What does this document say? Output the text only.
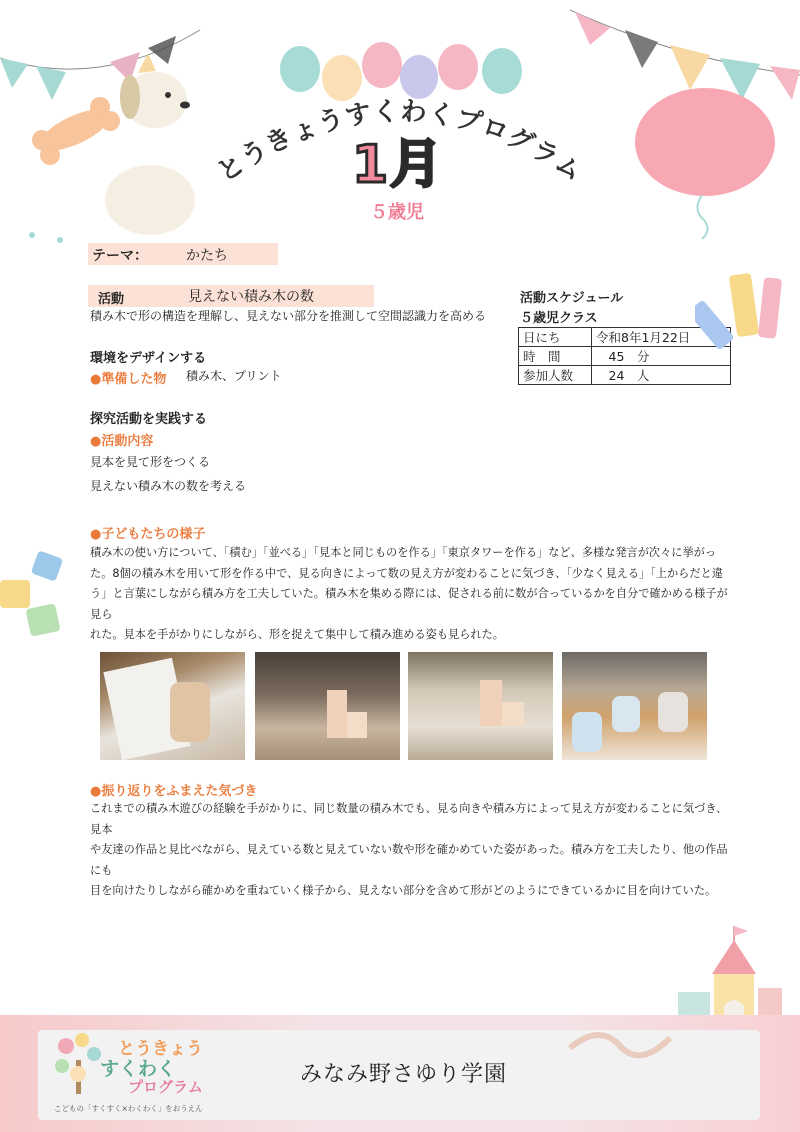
とうきょうすくわくプログラム
1月
５歳児
テーマ：	かたち
活動	見えない積み木の数
積み木で形の構造を理解し、見えない部分を推測して空間認識力を高める
環境をデザインする
●準備した物 積み木、プリント
探究活動を実践する
●活動内容
見本を見て形をつくる
見えない積み木の数を考える
活動スケジュール
５歳児クラス
日にち	令和8年1月22日
時　間	　45　分
参加人数	　24　人
●子どもたちの様子
積み木の使い方について、「積む」「並べる」「見本と同じものを作る」「東京タワーを作る」など、多様な発言が次々に挙がっ
た。8個の積み木を用いて形を作る中で、見る向きによって数の見え方が変わることに気づき、「少なく見える」「上からだと違
う」と言葉にしながら積み方を工夫していた。積み木を集める際には、促される前に数が合っているかを自分で確かめる様子が見ら
れた。見本を手がかりにしながら、形を捉えて集中して積み進める姿も見られた。
●振り返りをふまえた気づき
これまでの積み木遊びの経験を手がかりに、同じ数量の積み木でも、見る向きや積み方によって見え方が変わることに気づき、見本
や友達の作品と見比べながら、見えている数と見えていない数や形を確かめていた姿があった。積み方を工夫したり、他の作品にも
目を向けたりしながら確かめを重ねていく様子から、見えない部分を含めて形がどのようにできているかに目を向けていた。
とうきょう
すくわく
プログラム
こどもの「すくすく×わくわく」をおうえん
みなみ野さゆり学園
